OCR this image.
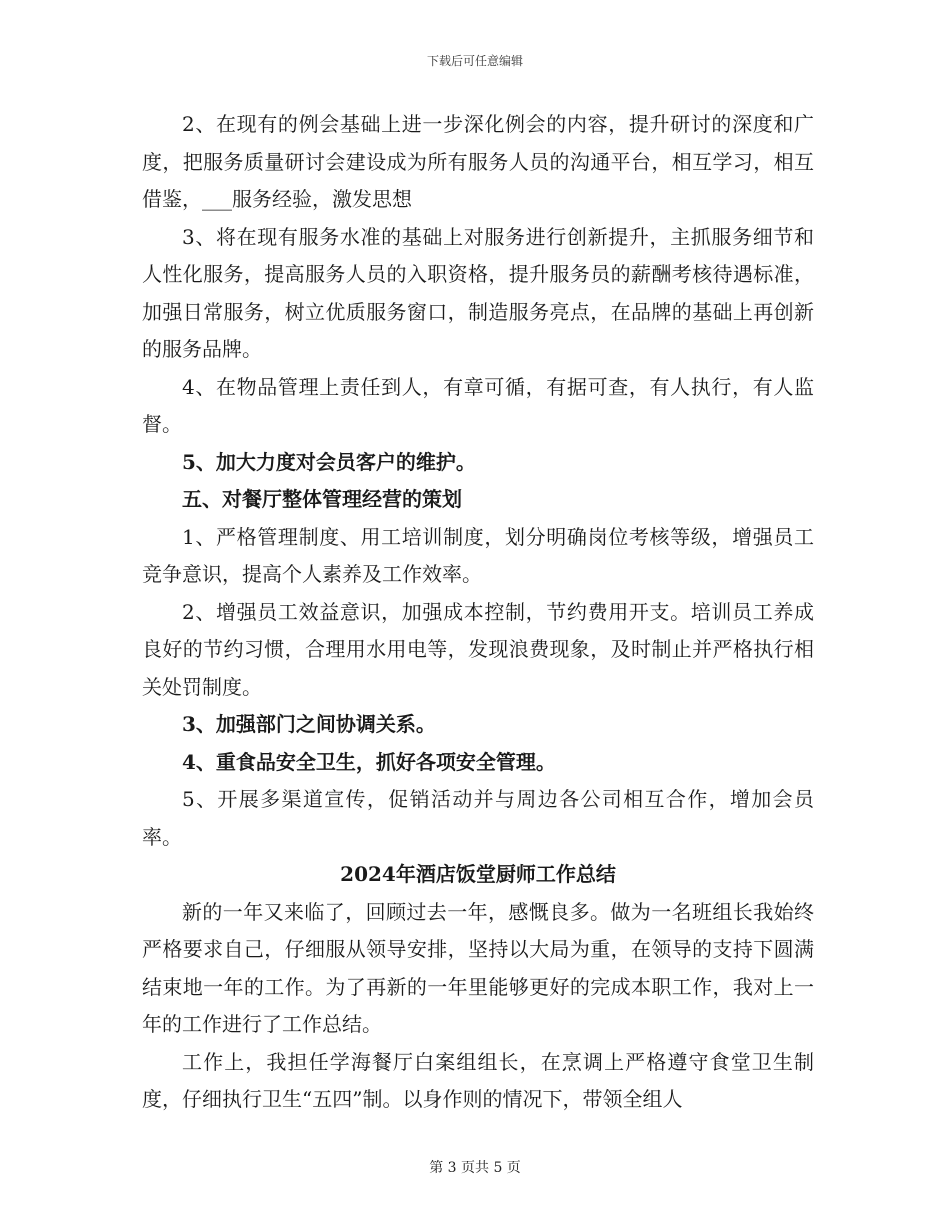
下载后可任意编辑

2、在现有的例会基础上进一步深化例会的内容，提升研讨的深度和广度，把服务质量研讨会建设成为所有服务人员的沟通平台，相互学习，相互借鉴，___服务经验，激发思想

3、将在现有服务水准的基础上对服务进行创新提升，主抓服务细节和人性化服务，提高服务人员的入职资格，提升服务员的薪酬考核待遇标准，加强日常服务，树立优质服务窗口，制造服务亮点，在品牌的基础上再创新的服务品牌。

4、在物品管理上责任到人，有章可循，有据可查，有人执行，有人监督。

5、加大力度对会员客户的维护。

五、对餐厅整体管理经营的策划

1、严格管理制度、用工培训制度，划分明确岗位考核等级，增强员工竞争意识，提高个人素养及工作效率。

2、增强员工效益意识，加强成本控制，节约费用开支。培训员工养成良好的节约习惯，合理用水用电等，发现浪费现象，及时制止并严格执行相关处罚制度。

3、加强部门之间协调关系。

4、重食品安全卫生，抓好各项安全管理。

5、开展多渠道宣传，促销活动并与周边各公司相互合作，增加会员率。

2024年酒店饭堂厨师工作总结

新的一年又来临了，回顾过去一年，感慨良多。做为一名班组长我始终严格要求自己，仔细服从领导安排，坚持以大局为重，在领导的支持下圆满结束地一年的工作。为了再新的一年里能够更好的完成本职工作，我对上一年的工作进行了工作总结。

工作上，我担任学海餐厅白案组组长，在烹调上严格遵守食堂卫生制度，仔细执行卫生“五四”制。以身作则的情况下，带领全组人

第 3 页共 5 页
